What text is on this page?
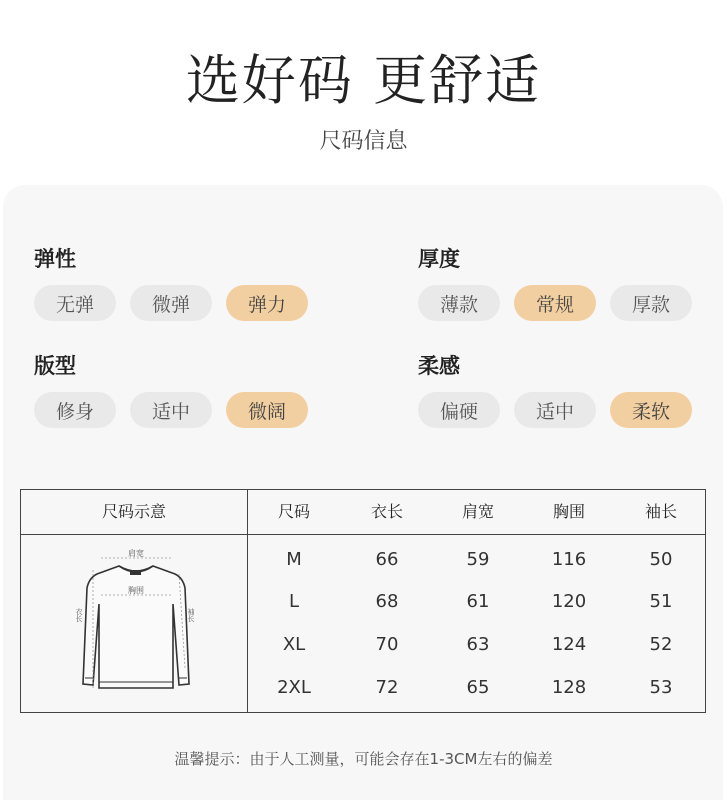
选好码 更舒适
尺码信息
弹性
无弹	微弹	弹力
厚度
薄款	常规	厚款
版型
修身	适中	微阔
柔感
偏硬	适中	柔软
尺码示意	尺码	衣长	肩宽	胸围	袖长
肩宽
胸围
衣长	袖长
M	66	59	116	50
L	68	61	120	51
XL	70	63	124	52
2XL	72	65	128	53
温馨提示：由于人工测量，可能会存在1-3CM左右的偏差
